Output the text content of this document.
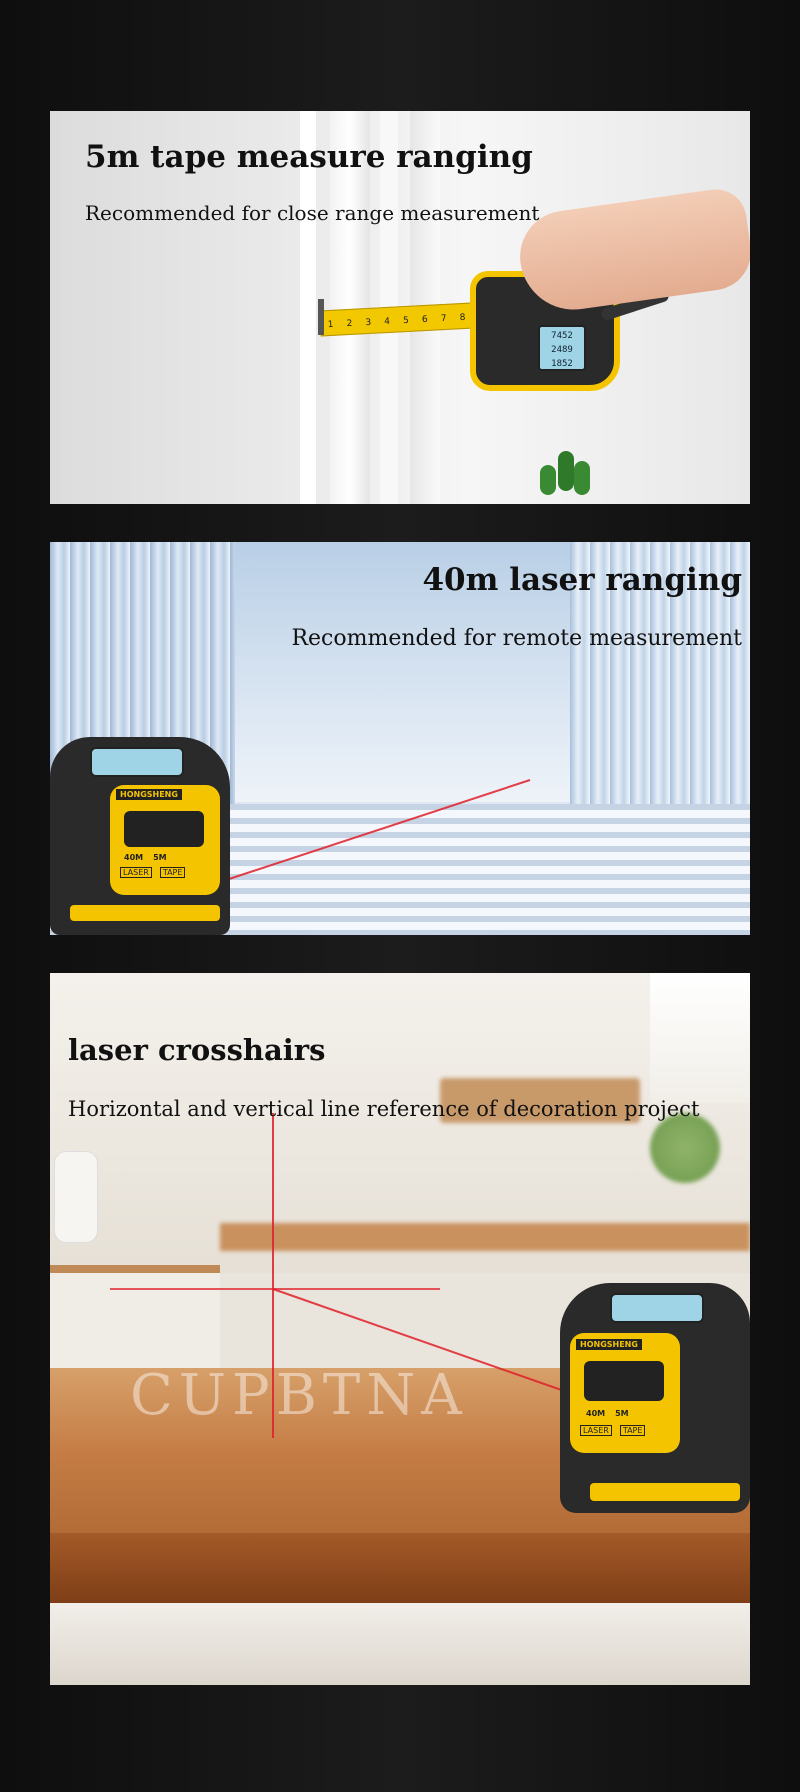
1 2 3 4 5 6 7 8
7452
2489
1852
5m tape measure ranging
Recommended for close range measurement
HONGSHENG
40M 5M
LASER	TAPE
40m laser ranging
Recommended for remote measurement
HONGSHENG
40M 5M
LASER	TAPE
CUPBTNA
laser crosshairs
Horizontal and vertical line reference of decoration project
